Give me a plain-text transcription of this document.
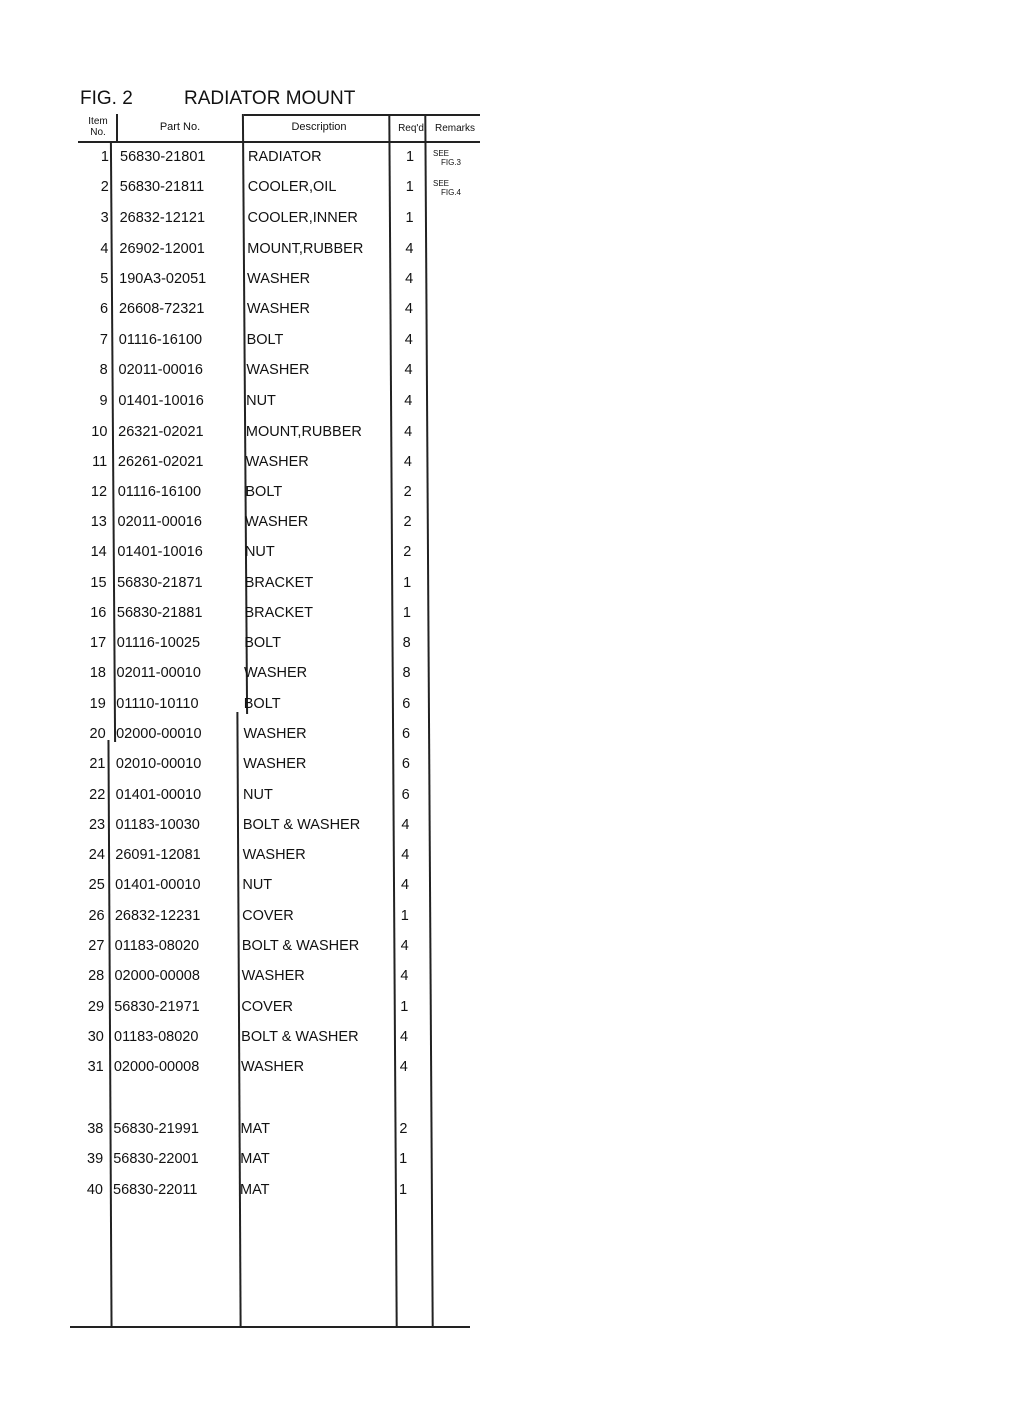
FIG. 2	RADIATOR MOUNT
Item No.	Part No.	Description	Req'd	Remarks
1 56830-21801	RADIATOR	1	SEE
FIG.3
2 56830-21811	COOLER,OIL	1	SEE
FIG.4
3 26832-12121	COOLER,INNER	1
4 26902-12001	MOUNT,RUBBER	4
5 190A3-02051	WASHER	4
6 26608-72321	WASHER	4
7 01116-16100	BOLT	4
8 02011-00016	WASHER	4
9 01401-10016	NUT	4
10 26321-02021	MOUNT,RUBBER	4
11 26261-02021	WASHER	4
12 01116-16100	BOLT	2
13 02011-00016	WASHER	2
14 01401-10016	NUT	2
15 56830-21871	BRACKET	1
16 56830-21881	BRACKET	1
17 01116-10025	BOLT	8
18 02011-00010	WASHER	8
19 01110-10110	BOLT	6
20 02000-00010	WASHER	6
21 02010-00010	WASHER	6
22 01401-00010	NUT	6
23 01183-10030	BOLT & WASHER	4
24 26091-12081	WASHER	4
25 01401-00010	NUT	4
26 26832-12231	COVER	1
27 01183-08020	BOLT & WASHER	4
28 02000-00008	WASHER	4
29 56830-21971	COVER	1
30 01183-08020	BOLT & WASHER	4
31 02000-00008	WASHER	4
38 56830-21991	MAT	2
39 56830-22001	MAT	1
40 56830-22011	MAT	1
